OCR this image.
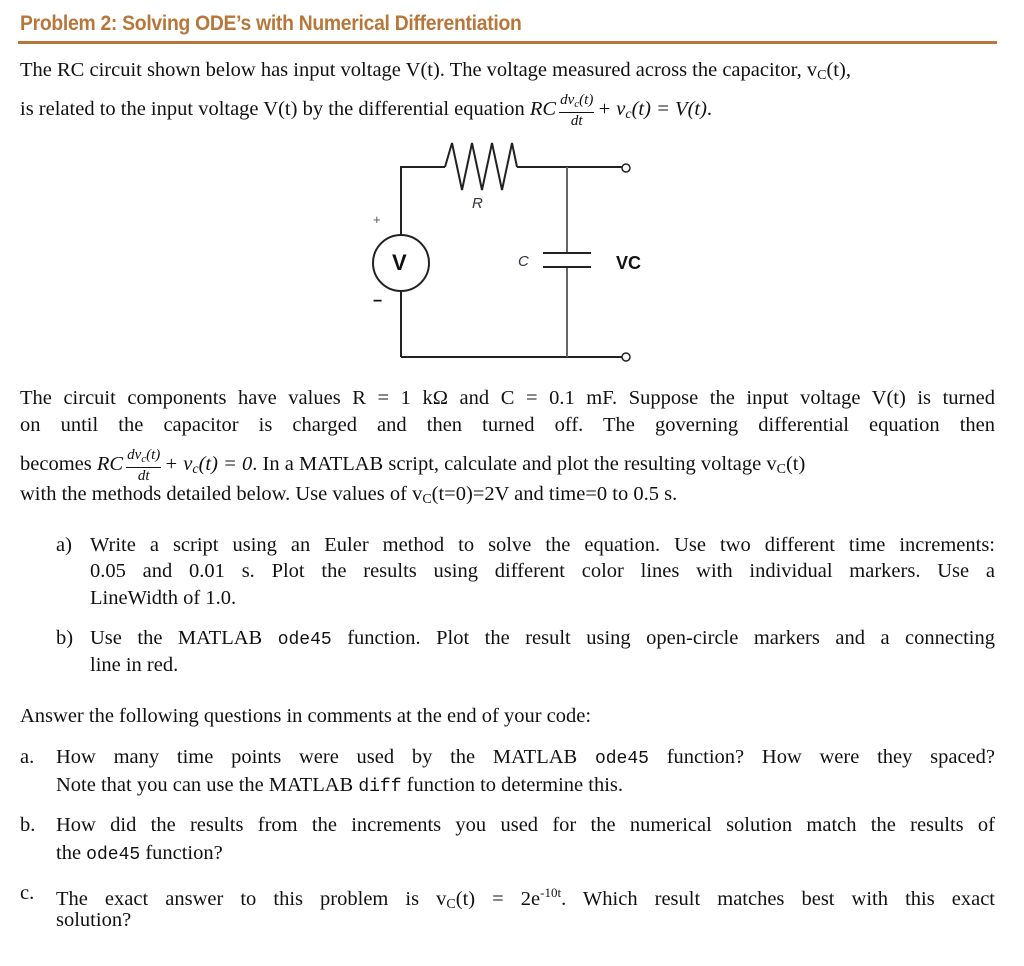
Problem 2: Solving ODE’s with Numerical Differentiation
The RC circuit shown below has input voltage V(t). The voltage measured across the capacitor, $v_C(t)$,
is related to the input voltage V(t) by the differential equation RC $\frac{dv_c(t)}{dt} + v_c(t) = V(t)$.
R
C
V	VC
+
−
The circuit components have values R = 1 kΩ and C = 0.1 mF. Suppose the input voltage V(t) is turned
on until the capacitor is charged and then turned off. The governing differential equation then
becomes RC $\frac{dv_c(t)}{dt} + v_c(t) = 0$. In a MATLAB script, calculate and plot the resulting voltage $v_C(t)$
with the methods detailed below. Use values of $v_C(t=0)=2V$ and time=0 to 0.5 s.
a) Write a script using an Euler method to solve the equation. Use two different time increments:
0.05 and 0.01 s. Plot the results using different color lines with individual markers. Use a
LineWidth of 1.0.
b) Use the MATLAB ode45 function. Plot the result using open-circle markers and a connecting
line in red.
Answer the following questions in comments at the end of your code:
a.	How many time points were used by the MATLAB ode45 function? How were they spaced?
Note that you can use the MATLAB diff function to determine this.
b.	How did the results from the increments you used for the numerical solution match the results of
the ode45 function?
c.	The exact answer to this problem is $v_C(t) = 2e^{-10t}$. Which result matches best with this exact
solution?
